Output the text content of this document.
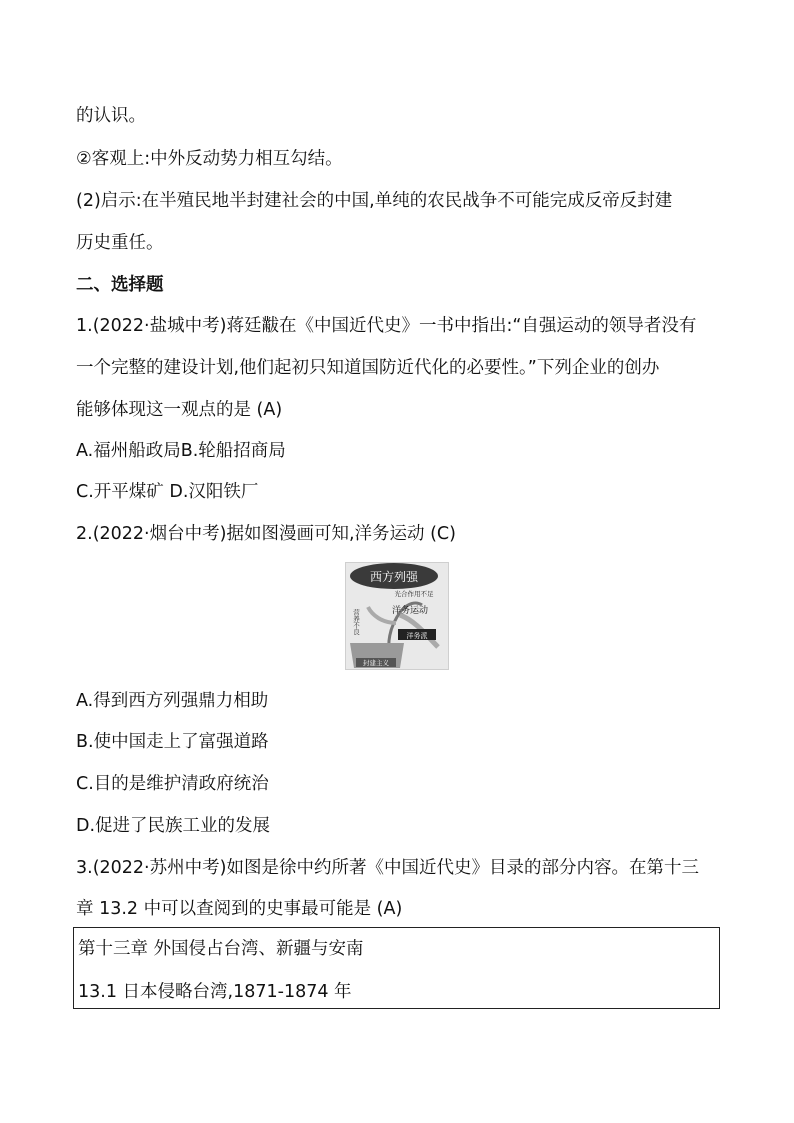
的认识。
②客观上:中外反动势力相互勾结。
(2)启示:在半殖民地半封建社会的中国,单纯的农民战争不可能完成反帝反封建
历史重任。
二、选择题
1.(2022·盐城中考)蒋廷黻在《中国近代史》一书中指出:“自强运动的领导者没有
一个完整的建设计划,他们起初只知道国防近代化的必要性。”下列企业的创办
能够体现这一观点的是 (A)
A.福州船政局B.轮船招商局
C.开平煤矿 D.汉阳铁厂
2.(2022·烟台中考)据如图漫画可知,洋务运动 (C)
西方列强
光合作用不足
洋务运动
营养不良
洋务派
封建主义
A.得到西方列强鼎力相助
B.使中国走上了富强道路
C.目的是维护清政府统治
D.促进了民族工业的发展
3.(2022·苏州中考)如图是徐中约所著《中国近代史》目录的部分内容。在第十三
章 13.2 中可以查阅到的史事最可能是 (A)
第十三章 外国侵占台湾、新疆与安南
13.1 日本侵略台湾,1871-1874 年
